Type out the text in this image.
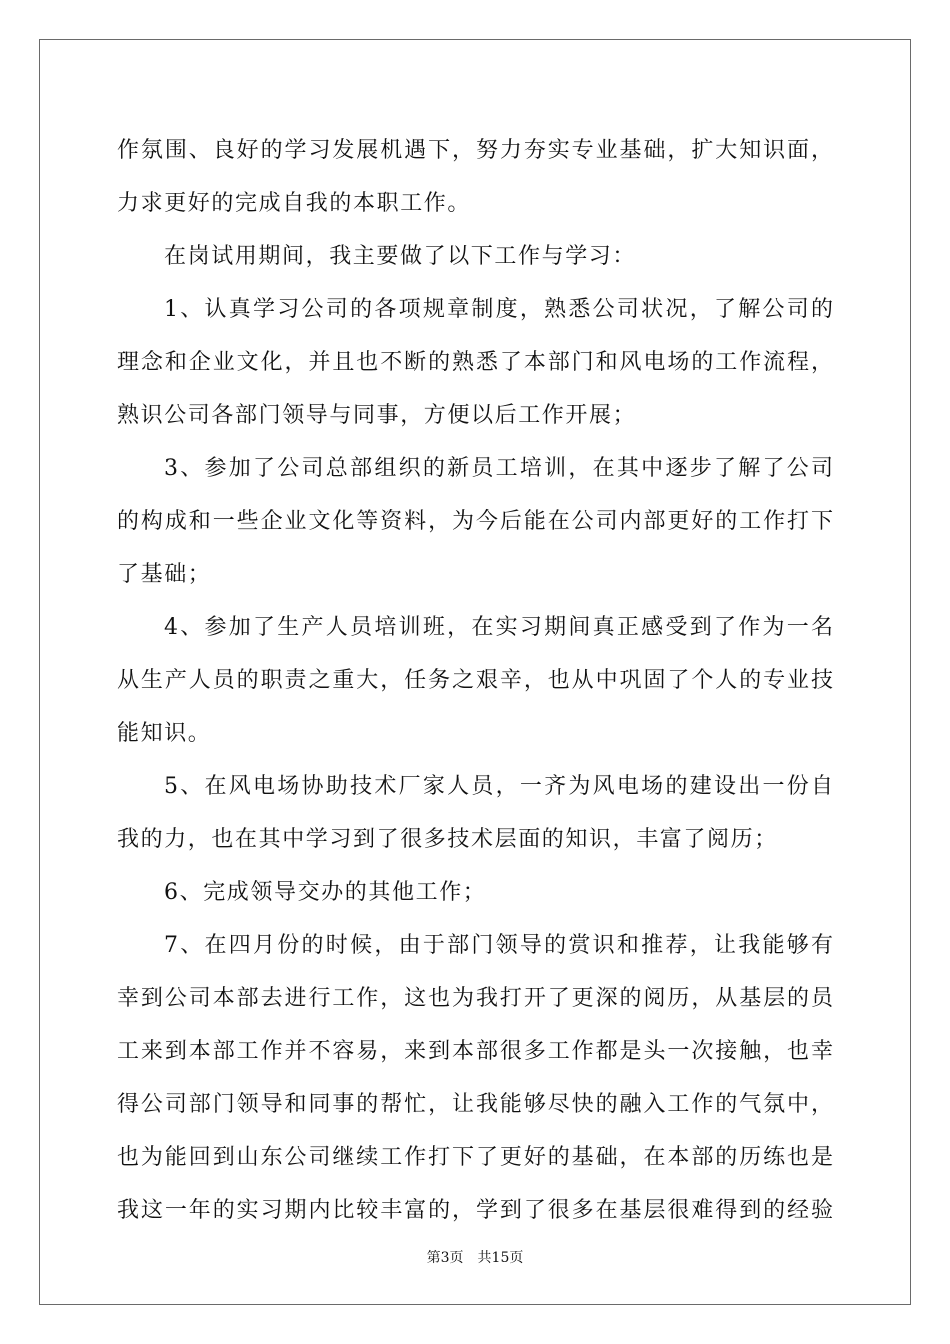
作氛围、良好的学习发展机遇下，努力夯实专业基础，扩大知识面，
力求更好的完成自我的本职工作。
在岗试用期间，我主要做了以下工作与学习：
1、认真学习公司的各项规章制度，熟悉公司状况，了解公司的
理念和企业文化，并且也不断的熟悉了本部门和风电场的工作流程，
熟识公司各部门领导与同事，方便以后工作开展；
3、参加了公司总部组织的新员工培训，在其中逐步了解了公司
的构成和一些企业文化等资料，为今后能在公司内部更好的工作打下
了基础；
4、参加了生产人员培训班，在实习期间真正感受到了作为一名
从生产人员的职责之重大，任务之艰辛，也从中巩固了个人的专业技
能知识。
5、在风电场协助技术厂家人员，一齐为风电场的建设出一份自
我的力，也在其中学习到了很多技术层面的知识，丰富了阅历；
6、完成领导交办的其他工作；
7、在四月份的时候，由于部门领导的赏识和推荐，让我能够有
幸到公司本部去进行工作，这也为我打开了更深的阅历，从基层的员
工来到本部工作并不容易，来到本部很多工作都是头一次接触，也幸
得公司部门领导和同事的帮忙，让我能够尽快的融入工作的气氛中，
也为能回到山东公司继续工作打下了更好的基础，在本部的历练也是
我这一年的实习期内比较丰富的，学到了很多在基层很难得到的经验
第3页 共15页
